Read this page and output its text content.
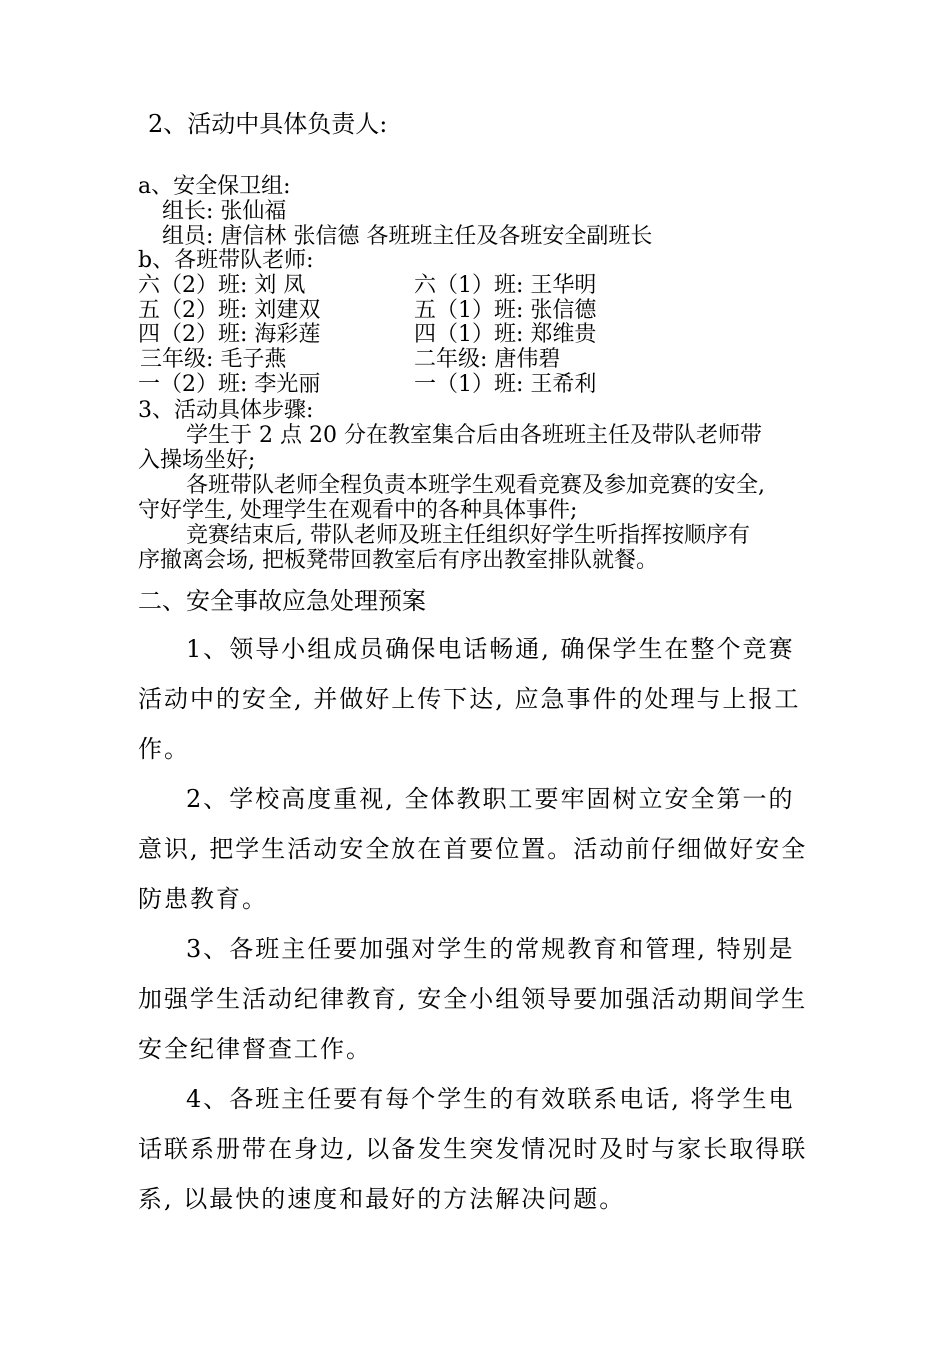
2、活动中具体负责人:
a、安全保卫组:
组长: 张仙福
组员: 唐信林 张信德 各班班主任及各班安全副班长
b、各班带队老师:
六（2）班: 刘 凤	六（1）班: 王华明
五（2）班: 刘建双	五（1）班: 张信德
四（2）班: 海彩莲	四（1）班: 郑维贵
三年级: 毛子燕	二年级: 唐伟碧
一（2）班: 李光丽	一（1）班: 王希利
3、活动具体步骤:
学生于 2 点 20 分在教室集合后由各班班主任及带队老师带
入操场坐好;
各班带队老师全程负责本班学生观看竞赛及参加竞赛的安全,
守好学生, 处理学生在观看中的各种具体事件;
竞赛结束后, 带队老师及班主任组织好学生听指挥按顺序有
序撤离会场, 把板凳带回教室后有序出教室排队就餐。
二、安全事故应急处理预案
1、领导小组成员确保电话畅通, 确保学生在整个竞赛
活动中的安全, 并做好上传下达, 应急事件的处理与上报工
作。
2、学校高度重视, 全体教职工要牢固树立安全第一的
意识, 把学生活动安全放在首要位置。活动前仔细做好安全
防患教育。
3、各班主任要加强对学生的常规教育和管理, 特别是
加强学生活动纪律教育, 安全小组领导要加强活动期间学生
安全纪律督查工作。
4、各班主任要有每个学生的有效联系电话, 将学生电
话联系册带在身边, 以备发生突发情况时及时与家长取得联
系, 以最快的速度和最好的方法解决问题。
